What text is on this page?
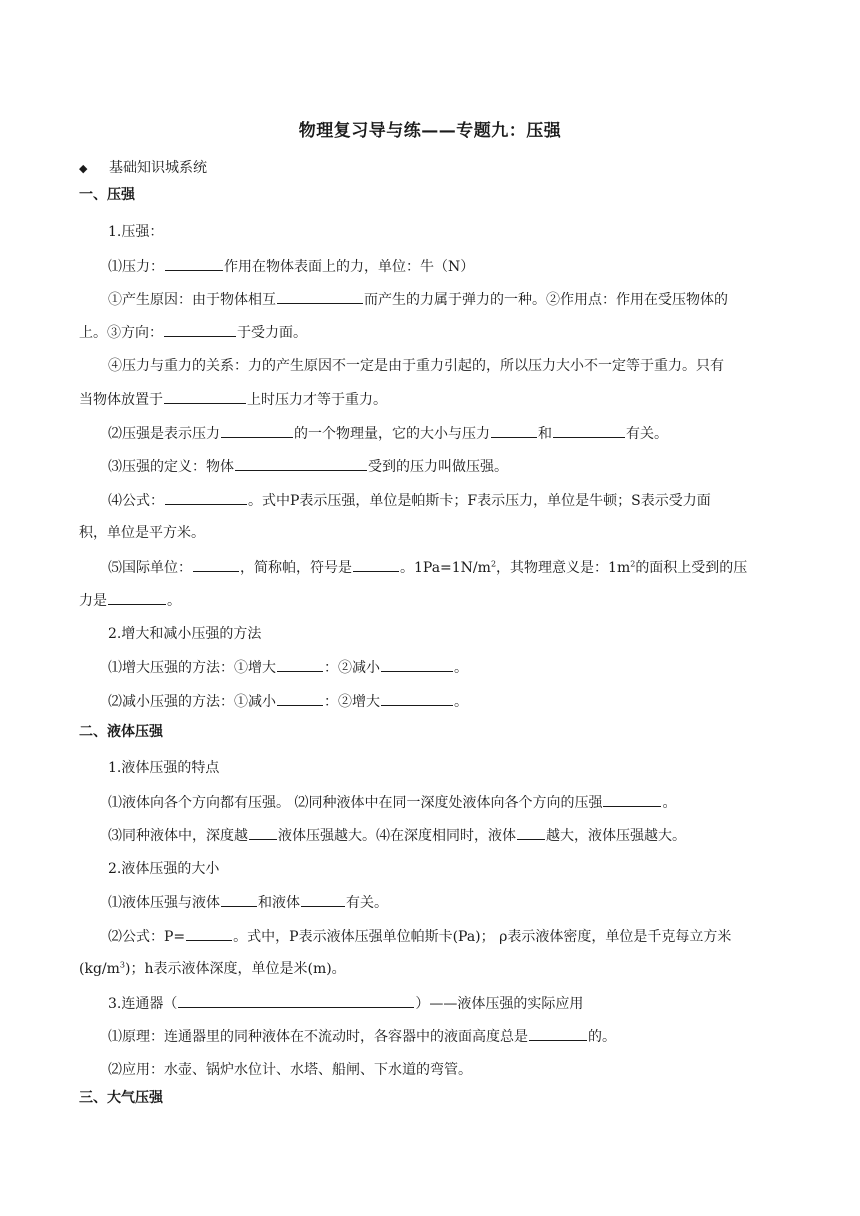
物理复习导与练——专题九：压强
◆ 基础知识城系统
一、压强
1.压强：
⑴压力：	作用在物体表面上的力，单位：牛（N）
①产生原因：由于物体相互	而产生的力属于弹力的一种。②作用点：作用在受压物体的
上。③方向：	于受力面。
④压力与重力的关系：力的产生原因不一定是由于重力引起的，所以压力大小不一定等于重力。只有
当物体放置于	上时压力才等于重力。
⑵压强是表示压力	的一个物理量，它的大小与压力	和	有关。
⑶压强的定义：物体	受到的压力叫做压强。
⑷公式：	。式中P表示压强，单位是帕斯卡；F表示压力，单位是牛顿；S表示受力面
积，单位是平方米。
⑸国际单位：	，简称帕，符号是	。$1Pa=1N/m^2$，其物理意义是：$1m^2$的面积上受到的压
力是	。
2.增大和减小压强的方法
⑴增大压强的方法：①增大	：②减小	。
⑵减小压强的方法：①减小	：②增大	。
二、液体压强
1.液体压强的特点
⑴液体向各个方向都有压强。 ⑵同种液体中在同一深度处液体向各个方向的压强	。
⑶同种液体中，深度越 液体压强越大。⑷在深度相同时，液体 越大，液体压强越大。
2.液体压强的大小
⑴液体压强与液体	和液体	有关。
⑵公式：P=	。式中，P表示液体压强单位帕斯卡(Pa)； ρ表示液体密度，单位是千克每立方米
$(kg/m^3)$；h表示液体深度，单位是米(m)。
3.连通器（	）——液体压强的实际应用
⑴原理：连通器里的同种液体在不流动时，各容器中的液面高度总是	的。
⑵应用：水壶、锅炉水位计、水塔、船闸、下水道的弯管。
三、大气压强
